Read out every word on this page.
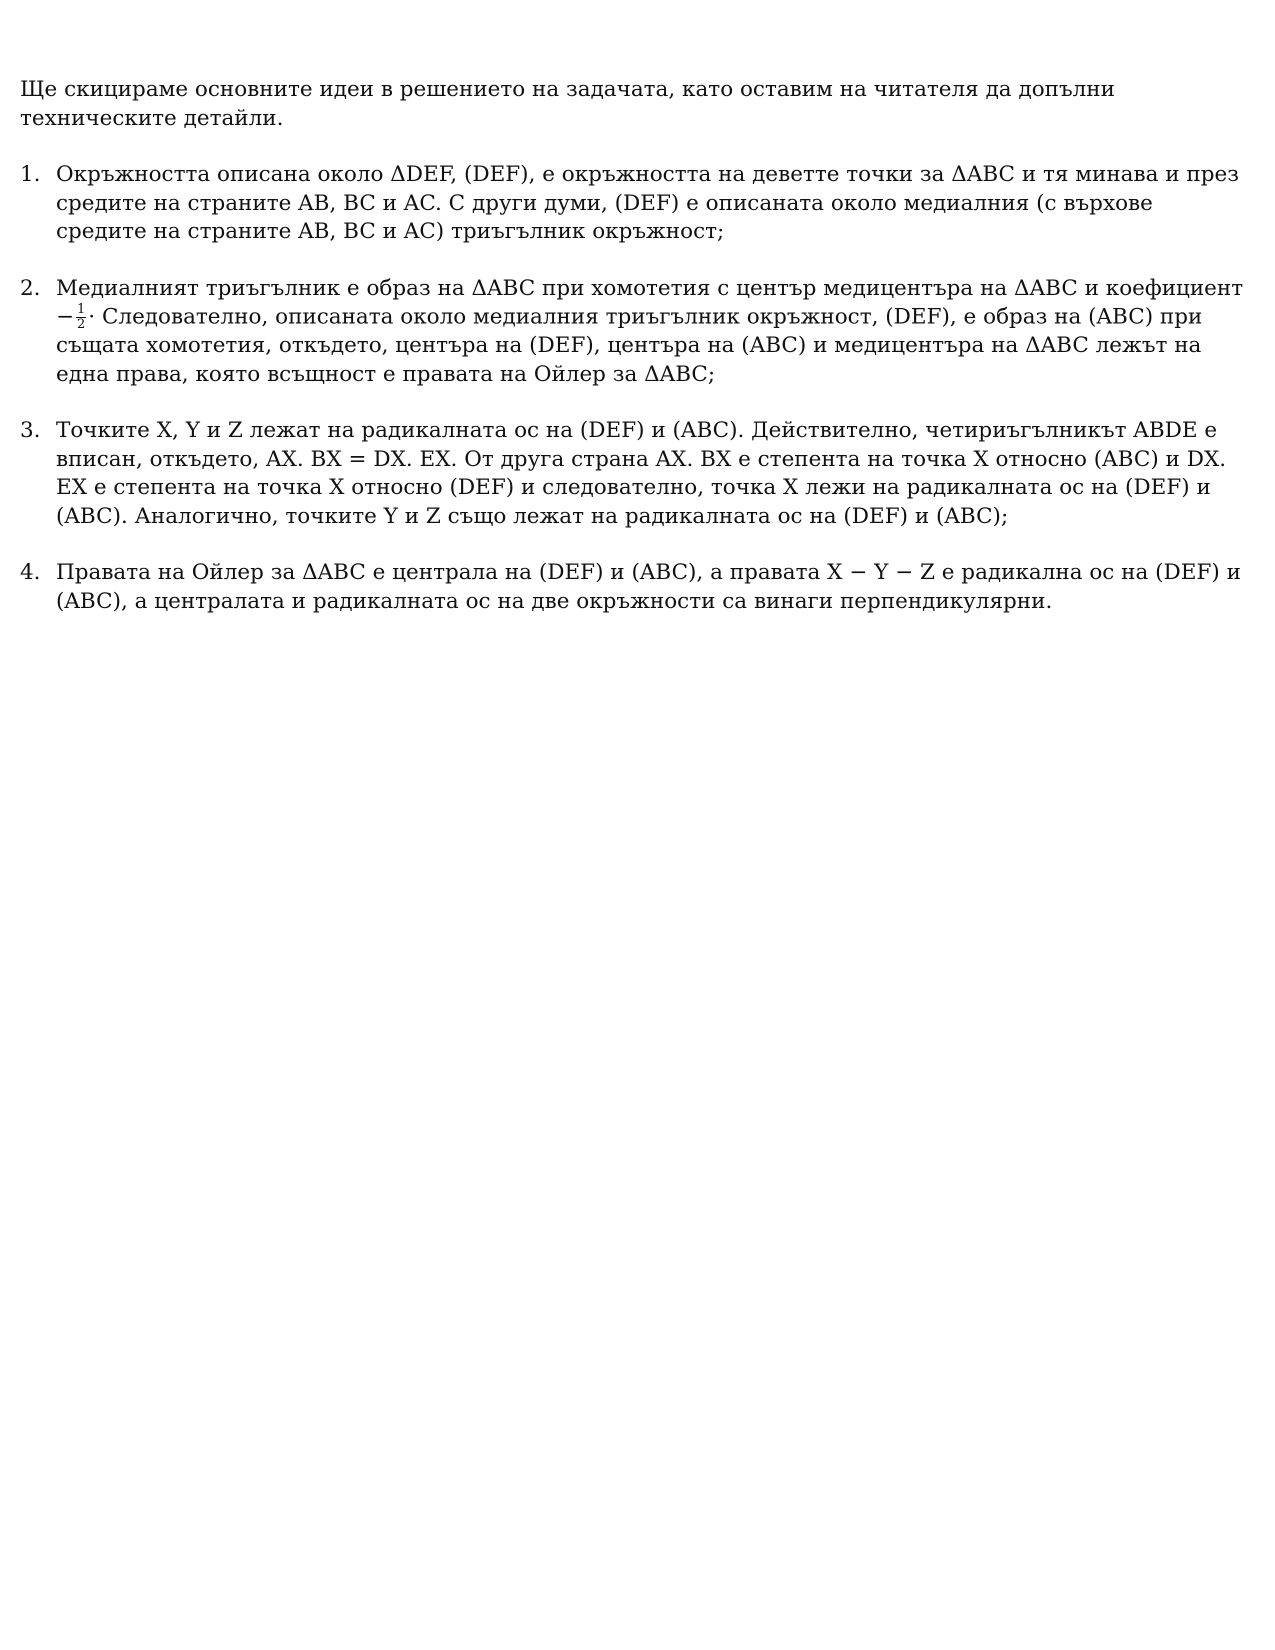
Ще скицираме основните идеи в решението на задачата, като оставим на читателя да допълни техническите детайли.

1. Окръжността описана около ΔDEF, (DEF), е окръжността на деветте точки за ΔABC и тя минава и през средите на страните AB, BC и AC. С други думи, (DEF) е описаната около медиалния (с върхове средите на страните AB, BC и AC) триъгълник окръжност;
2. Медиалният триъгълник е образ на ΔABC при хомотетия с център медицентъра на ΔABC и коефициент − $\frac{1}{2}$ · Следователно, описаната около медиалния триъгълник окръжност, (DEF), е образ на (ABC) при същата хомотетия, откъдето, центъра на (DEF), центъра на (ABC) и медицентъра на ΔABC лежът на една права, която всъщност е правата на Ойлер за ΔABC;
3. Точките X, Y и Z лежат на радикалната ос на (DEF) и (ABC). Действително, четириъгълникът ABDE е вписан, откъдето, AX. BX = DX. EX. От друга страна AX. BX е степента на точка X относно (ABC) и DX. EX е степента на точка X относно (DEF) и следователно, точка X лежи на радикалната ос на (DEF) и (ABC). Аналогично, точките Y и Z също лежат на радикалната ос на (DEF) и (ABC);
4. Правата на Ойлер за ΔABC е централа на (DEF) и (ABC), а правата X − Y − Z е радикална ос на (DEF) и (ABC), а централата и радикалната ос на две окръжности са винаги перпендикулярни.
